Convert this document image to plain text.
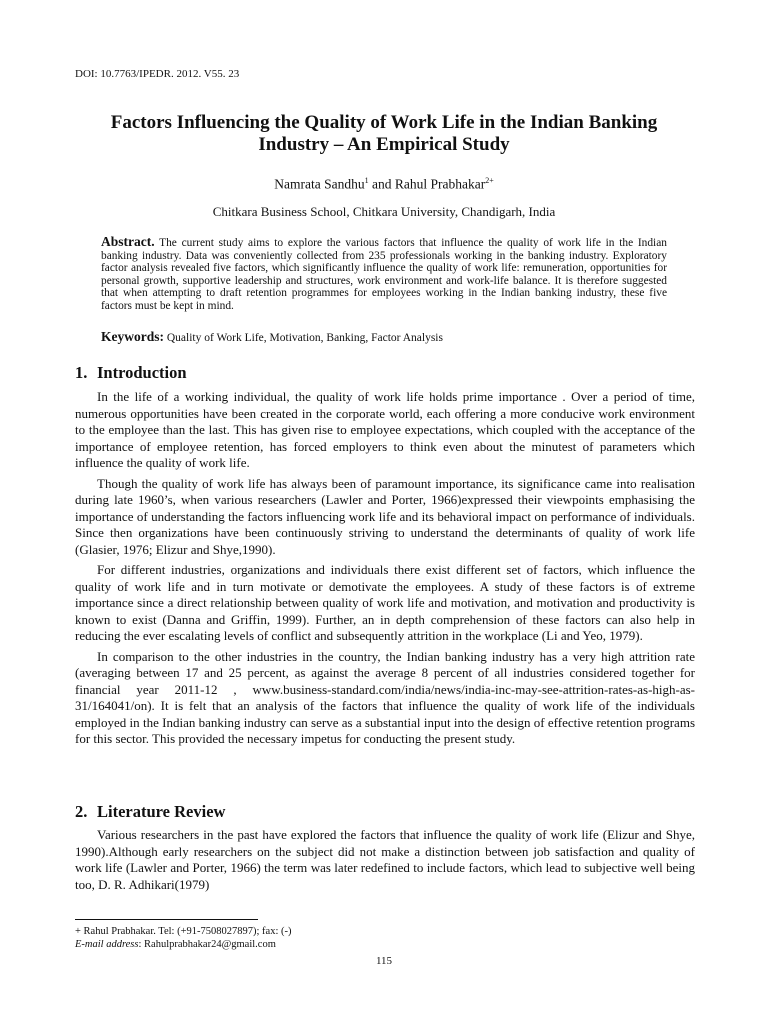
DOI: 10.7763/IPEDR. 2012. V55. 23
Factors Influencing the Quality of Work Life in the Indian Banking
Industry – An Empirical Study
Namrata Sandhu$^1$ and Rahul Prabhakar$^{2+}$
Chitkara Business School, Chitkara University, Chandigarh, India
Abstract. The current study aims to explore the various factors that influence the quality of work life in the Indian banking industry. Data was conveniently collected from 235 professionals working in the banking industry. Exploratory factor analysis revealed five factors, which significantly influence the quality of work life: remuneration, opportunities for personal growth, supportive leadership and structures, work environment and work-life balance. It is therefore suggested that when attempting to draft retention programmes for employees working in the Indian banking industry, these five factors must be kept in mind.
Keywords: Quality of Work Life, Motivation, Banking, Factor Analysis
1. Introduction

In the life of a working individual, the quality of work life holds prime importance . Over a period of time, numerous opportunities have been created in the corporate world, each offering a more conducive work environment to the employee than the last. This has given rise to employee expectations, which coupled with the acceptance of the importance of employee retention, has forced employers to think even about the minutest of parameters which influence the quality of work life.

Though the quality of work life has always been of paramount importance, its significance came into realisation during late 1960’s, when various researchers (Lawler and Porter, 1966)expressed their viewpoints emphasising the importance of understanding the factors influencing work life and its behavioral impact on performance of individuals. Since then organizations have been continuously striving to understand the determinants of quality of work life (Glasier, 1976; Elizur and Shye,1990).

For different industries, organizations and individuals there exist different set of factors, which influence the quality of work life and in turn motivate or demotivate the employees. A study of these factors is of extreme importance since a direct relationship between quality of work life and motivation, and motivation and productivity is known to exist (Danna and Griffin, 1999). Further, an in depth comprehension of these factors can also help in reducing the ever escalating levels of conflict and subsequently attrition in the workplace (Li and Yeo, 1979).

In comparison to the other industries in the country, the Indian banking industry has a very high attrition rate (averaging between 17 and 25 percent, as against the average 8 percent of all industries considered together for financial year 2011-12 , www.business-standard.com/india/news/india-inc-may-see-attrition-rates-as-high-as-31/164041/on). It is felt that an analysis of the factors that influence the quality of work life of the individuals employed in the Indian banking industry can serve as a substantial input into the design of effective retention programs for this sector. This provided the necessary impetus for conducting the present study.

2. Literature Review

Various researchers in the past have explored the factors that influence the quality of work life (Elizur and Shye, 1990).Although early researchers on the subject did not make a distinction between job satisfaction and quality of work life (Lawler and Porter, 1966) the term was later redefined to include factors, which lead to subjective well being too, D. R. Adhikari(1979)

+ Rahul Prabhakar. Tel: (+91-7508027897); fax: (-)
E-mail address: Rahulprabhakar24@gmail.com
115
